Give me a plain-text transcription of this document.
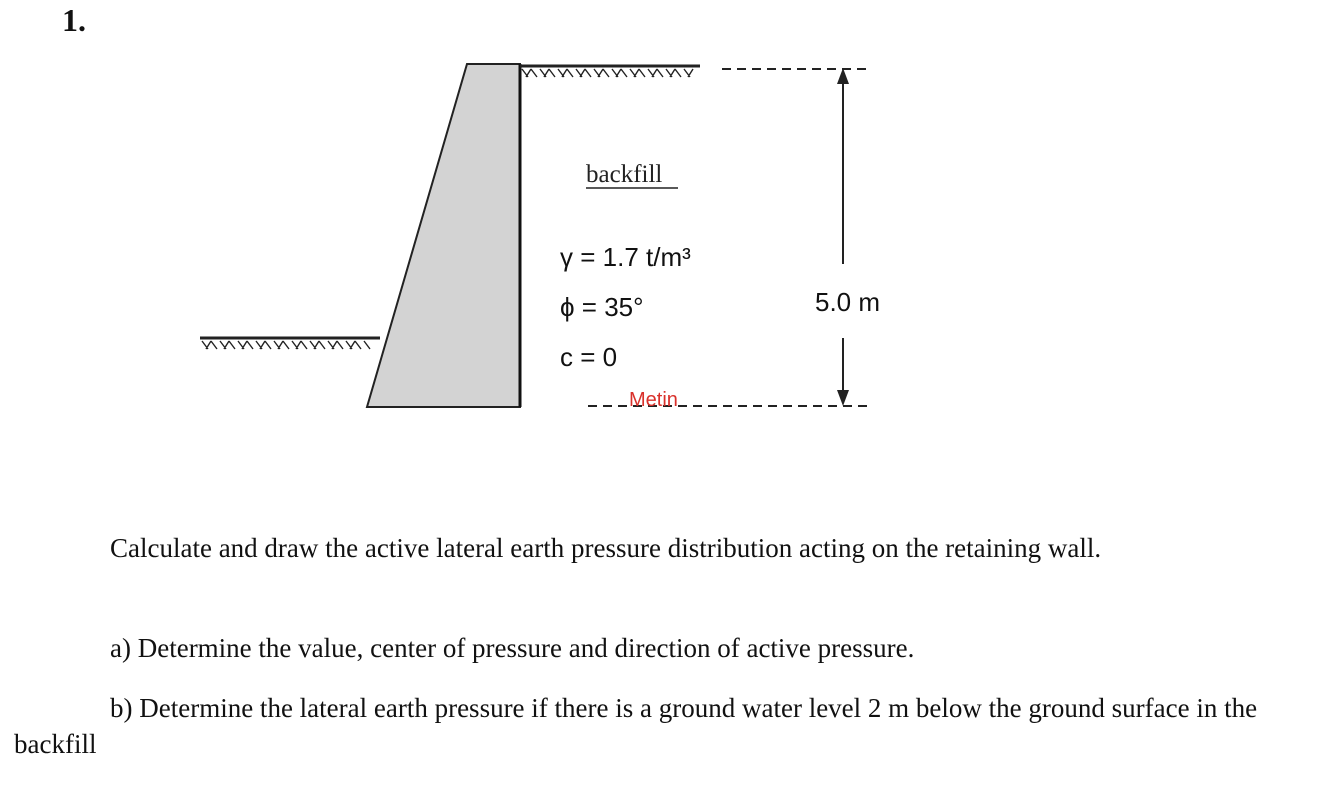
1.
backfill
γ = 1.7 t/m³
ϕ = 35°
c = 0
5.0 m
Metin

Calculate and draw the active lateral earth pressure distribution acting on the retaining wall.

a) Determine the value, center of pressure and direction of active pressure.

b) Determine the lateral earth pressure if there is a ground water level 2 m below the ground surface in the backfill
